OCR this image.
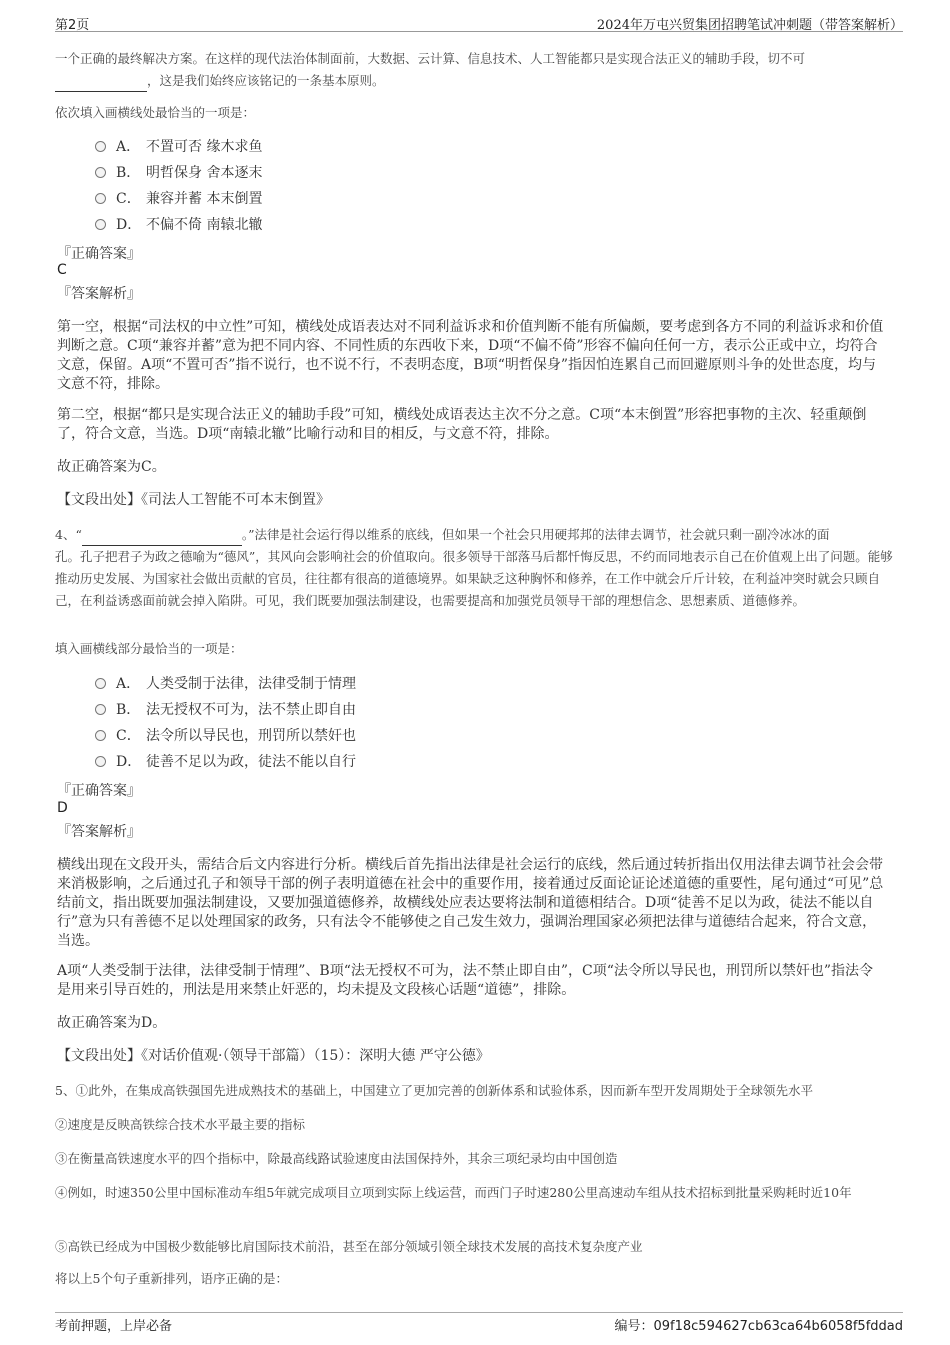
第2页	2024年万屯兴贸集团招聘笔试冲刺题（带答案解析）
一个正确的最终解决方案。在这样的现代法治体制面前，大数据、云计算、信息技术、人工智能都只是实现合法正义的辅助手段，切不可
，这是我们始终应该铭记的一条基本原则。
依次填入画横线处最恰当的一项是：
A． 不置可否 缘木求鱼
B． 明哲保身 舍本逐末
C． 兼容并蓄 本末倒置
D． 不偏不倚 南辕北辙
『正确答案』
C
『答案解析』
第一空，根据“司法权的中立性”可知，横线处成语表达对不同利益诉求和价值判断不能有所偏颇，要考虑到各方不同的利益诉求和价值判断之意。C项“兼容并蓄”意为把不同内容、不同性质的东西收下来，D项“不偏不倚”形容不偏向任何一方，表示公正或中立，均符合文意，保留。A项“不置可否”指不说行，也不说不行，不表明态度，B项“明哲保身”指因怕连累自己而回避原则斗争的处世态度，均与文意不符，排除。
第二空，根据“都只是实现合法正义的辅助手段”可知，横线处成语表达主次不分之意。C项“本末倒置”形容把事物的主次、轻重颠倒了，符合文意，当选。D项“南辕北辙”比喻行动和目的相反，与文意不符，排除。
故正确答案为C。
【文段出处】《司法人工智能不可本末倒置》
4、“	。”法律是社会运行得以维系的底线，但如果一个社会只用硬邦邦的法律去调节，社会就只剩一副冷冰冰的面
孔。孔子把君子为政之德喻为“德风”，其风向会影响社会的价值取向。很多领导干部落马后都忏悔反思，不约而同地表示自己在价值观上出了问题。能够推动历史发展、为国家社会做出贡献的官员，往往都有很高的道德境界。如果缺乏这种胸怀和修养，在工作中就会斤斤计较，在利益冲突时就会只顾自己，在利益诱惑面前就会掉入陷阱。可见，我们既要加强法制建设，也需要提高和加强党员领导干部的理想信念、思想素质、道德修养。
填入画横线部分最恰当的一项是：
A． 人类受制于法律，法律受制于情理
B． 法无授权不可为，法不禁止即自由
C． 法令所以导民也，刑罚所以禁奸也
D． 徒善不足以为政，徒法不能以自行
『正确答案』
D
『答案解析』
横线出现在文段开头，需结合后文内容进行分析。横线后首先指出法律是社会运行的底线，然后通过转折指出仅用法律去调节社会会带来消极影响，之后通过孔子和领导干部的例子表明道德在社会中的重要作用，接着通过反面论证论述道德的重要性，尾句通过“可见”总结前文，指出既要加强法制建设，又要加强道德修养，故横线处应表达要将法制和道德相结合。D项“徒善不足以为政，徒法不能以自行”意为只有善德不足以处理国家的政务，只有法令不能够使之自己发生效力，强调治理国家必须把法律与道德结合起来，符合文意，当选。
A项“人类受制于法律，法律受制于情理”、B项“法无授权不可为，法不禁止即自由”，C项“法令所以导民也，刑罚所以禁奸也”指法令是用来引导百姓的，刑法是用来禁止奸恶的，均未提及文段核心话题“道德”，排除。
故正确答案为D。
【文段出处】《对话价值观·（领导干部篇）（15）：深明大德 严守公德》
5、①此外，在集成高铁强国先进成熟技术的基础上，中国建立了更加完善的创新体系和试验体系，因而新车型开发周期处于全球领先水平
②速度是反映高铁综合技术水平最主要的指标
③在衡量高铁速度水平的四个指标中，除最高线路试验速度由法国保持外，其余三项纪录均由中国创造
④例如，时速350公里中国标准动车组5年就完成项目立项到实际上线运营，而西门子时速280公里高速动车组从技术招标到批量采购耗时近10年
⑤高铁已经成为中国极少数能够比肩国际技术前沿，甚至在部分领域引领全球技术发展的高技术复杂度产业
将以上5个句子重新排列，语序正确的是：
考前押题，上岸必备	编号：09f18c594627cb63ca64b6058f5fddad
